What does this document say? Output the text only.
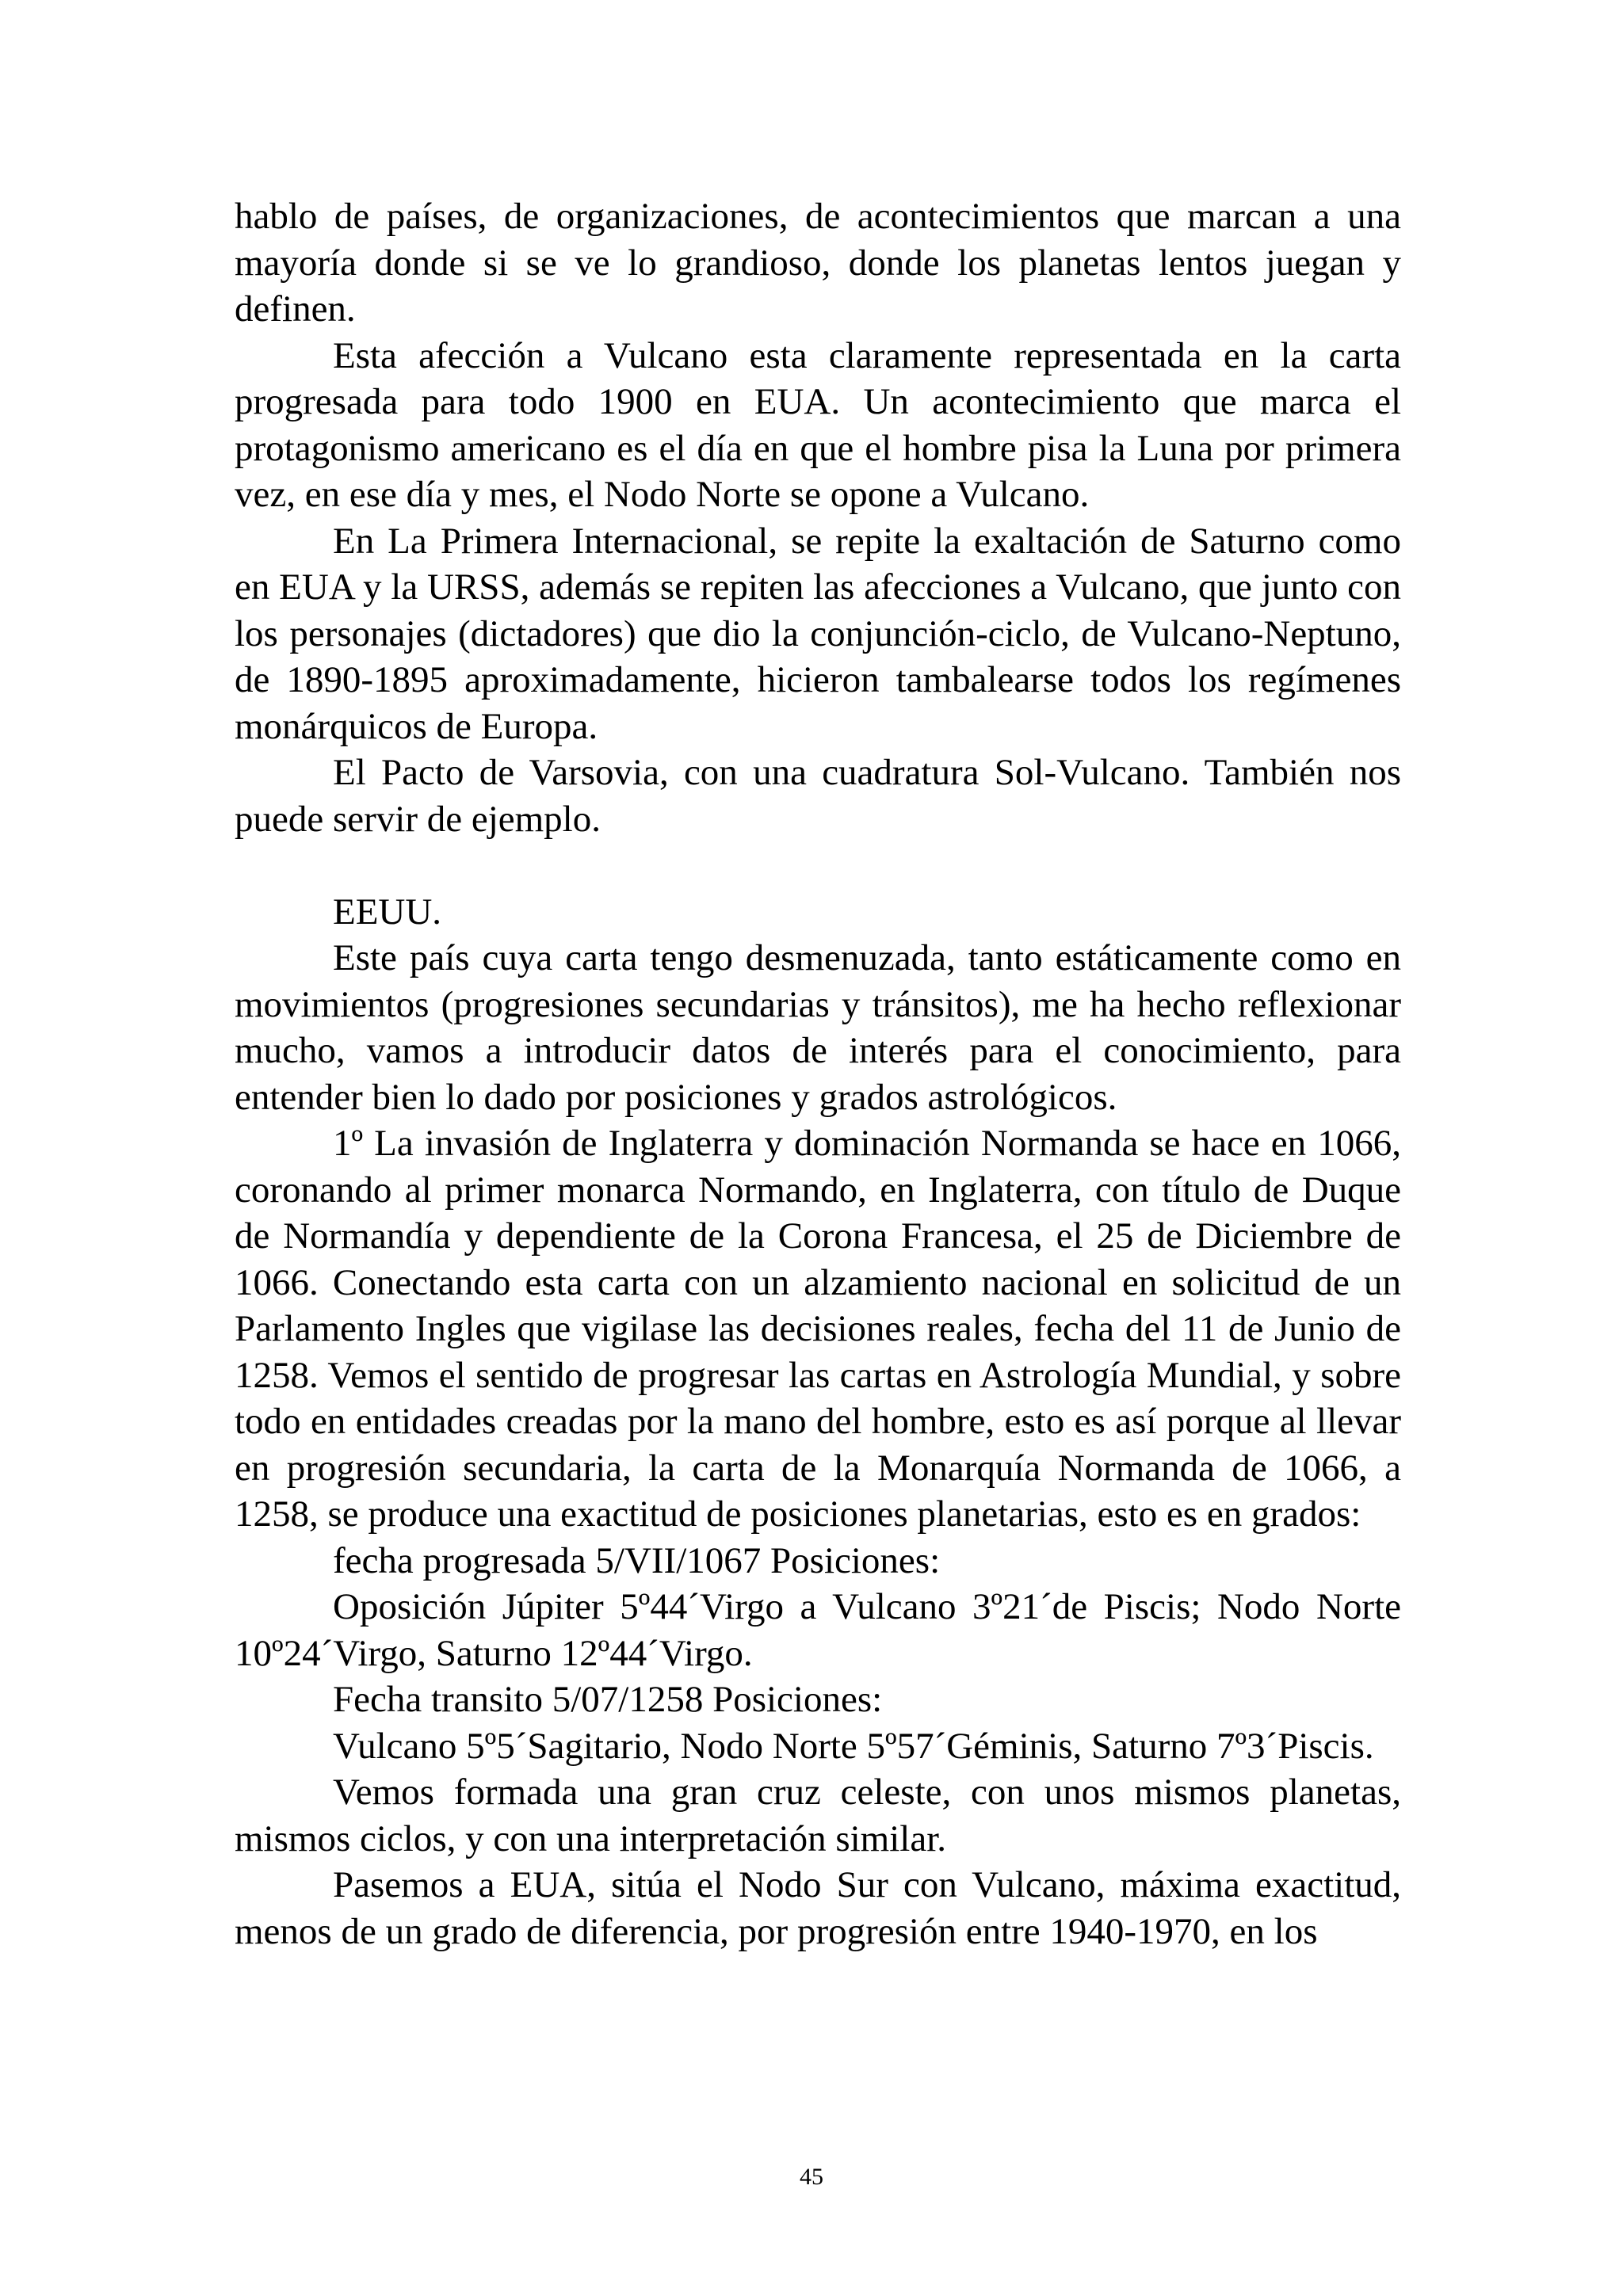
hablo de países, de organizaciones, de acontecimientos que marcan a una mayoría donde si se ve lo grandioso, donde los planetas lentos juegan y definen.

Esta afección a Vulcano esta claramente representada en la carta progresada para todo 1900 en EUA. Un acontecimiento que marca el protagonismo americano es el día en que el hombre pisa la Luna por primera vez, en ese día y mes, el Nodo Norte se opone a Vulcano.

En La Primera Internacional, se repite la exaltación de Saturno como en EUA y la URSS, además se repiten las afecciones a Vulcano, que junto con los personajes (dictadores) que dio la conjunción-ciclo, de Vulcano-Neptuno, de 1890-1895 aproximadamente, hicieron tambalearse todos los regímenes monárquicos de Europa.

El Pacto de Varsovia, con una cuadratura Sol-Vulcano. También nos puede servir de ejemplo.

EEUU.

Este país cuya carta tengo desmenuzada, tanto estáticamente como en movimientos (progresiones secundarias y tránsitos), me ha hecho reflexionar mucho, vamos a introducir datos de interés para el conocimiento, para entender bien lo dado por posiciones y grados astrológicos.

1º La invasión de Inglaterra y dominación Normanda se hace en 1066, coronando al primer monarca Normando, en Inglaterra, con título de Duque de Normandía y dependiente de la Corona Francesa, el 25 de Diciembre de 1066. Conectando esta carta con un alzamiento nacional en solicitud de un Parlamento Ingles que vigilase las decisiones reales, fecha del 11 de Junio de 1258. Vemos el sentido de progresar las cartas en Astrología Mundial, y sobre todo en entidades creadas por la mano del hombre, esto es así porque al llevar en progresión secundaria, la carta de la Monarquía Normanda de 1066, a 1258, se produce una exactitud de posiciones planetarias, esto es en grados:

fecha progresada 5/VII/1067 Posiciones:

Oposición Júpiter 5º44´Virgo a Vulcano 3º21´de Piscis; Nodo Norte 10º24´Virgo, Saturno 12º44´Virgo.

Fecha transito 5/07/1258 Posiciones:

Vulcano 5º5´Sagitario, Nodo Norte 5º57´Géminis, Saturno 7º3´Piscis.

Vemos formada una gran cruz celeste, con unos mismos planetas, mismos ciclos, y con una interpretación similar.

Pasemos a EUA, sitúa el Nodo Sur con Vulcano, máxima exactitud, menos de un grado de diferencia, por progresión entre 1940-1970, en los

45
